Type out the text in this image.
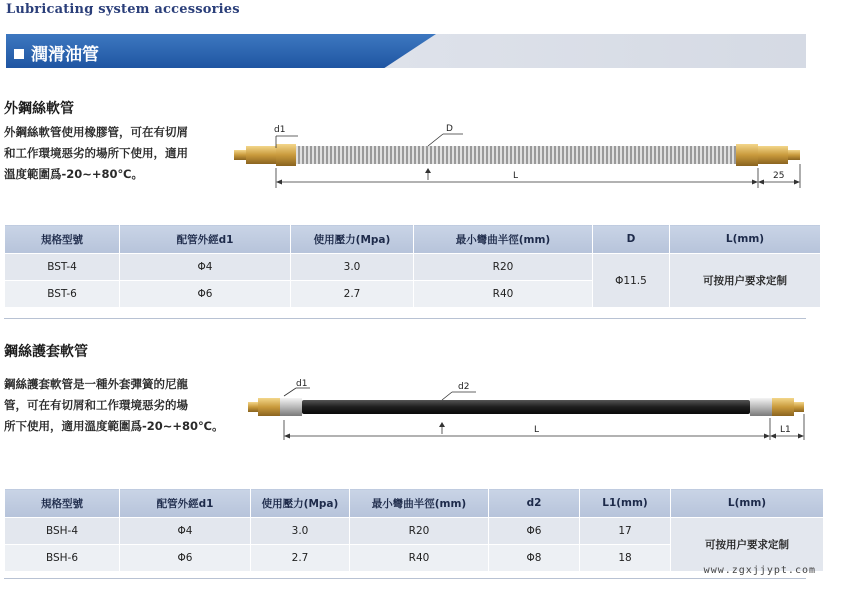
Lubricating system accessories
潤滑油管
外鋼絲軟管
外鋼絲軟管使用橡膠管，可在有切屑
和工作環境惡劣的場所下使用，適用
溫度範圍爲-20~+80℃。
d1	D
L	25
規格型號	配管外經d1	使用壓力(Mpa)	最小彎曲半徑(mm)	D	L(mm)
BST-4	Φ4	3.0	R20	Φ11.5	可按用户要求定制
BST-6	Φ6	2.7	R40		
鋼絲護套軟管
鋼絲護套軟管是一種外套彈簧的尼龍
管，可在有切屑和工作環境惡劣的場
所下使用，適用溫度範圍爲-20~+80℃。
d1	d2
L	L1
規格型號	配管外經d1	使用壓力(Mpa)	最小彎曲半徑(mm)	d2	L1(mm)	L(mm)
BSH-4	Φ4	3.0	R20	Φ6	17	可按用户要求定制
BSH-6	Φ6	2.7	R40	Φ8	18	
www.zgxjjypt.com
